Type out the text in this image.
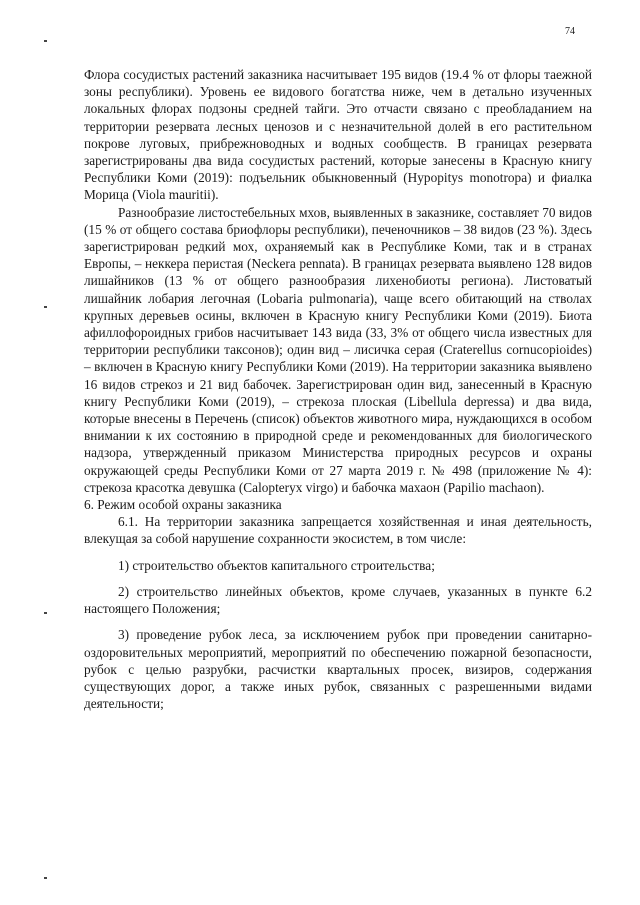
74

Флора сосудистых растений заказника насчитывает 195 видов (19.4 % от флоры таежной зоны республики). Уровень ее видового богатства ниже, чем в детально изученных локальных флорах подзоны средней тайги. Это отчасти связано с преобладанием на территории резервата лесных ценозов и с незначительной долей в его растительном покрове луговых, прибрежноводных и водных сообществ. В границах резервата зарегистрированы два вида сосудистых растений, которые занесены в Красную книгу Республики Коми (2019): подъельник обыкновенный (Hypopitys monotropa) и фиалка Морица (Viola mauritii).

Разнообразие листостебельных мхов, выявленных в заказнике, составляет 70 видов (15 % от общего состава бриофлоры республики), печеночников – 38 видов (23 %). Здесь зарегистрирован редкий мох, охраняемый как в Республике Коми, так и в странах Европы, – неккера перистая (Neckera pennata). В границах резервата выявлено 128 видов лишайников (13 % от общего разнообразия лихенобиоты региона). Листоватый лишайник лобария легочная (Lobaria pulmonaria), чаще всего обитающий на стволах крупных деревьев осины, включен в Красную книгу Республики Коми (2019). Биота афиллофороидных грибов насчитывает 143 вида (33, 3% от общего числа известных для территории республики таксонов); один вид – лисичка серая (Craterellus cornucopioides) – включен в Красную книгу Республики Коми (2019). На территории заказника выявлено 16 видов стрекоз и 21 вид бабочек. Зарегистрирован один вид, занесенный в Красную книгу Республики Коми (2019), – стрекоза плоская (Libellula depressa) и два вида, которые внесены в Перечень (список) объектов животного мира, нуждающихся в особом внимании к их состоянию в природной среде и рекомендованных для биологического надзора, утвержденный приказом Министерства природных ресурсов и охраны окружающей среды Республики Коми от 27 марта 2019 г. № 498 (приложение № 4): стрекоза красотка девушка (Calopteryx virgo) и бабочка махаон (Papilio machaon).

6. Режим особой охраны заказника

6.1. На территории заказника запрещается хозяйственная и иная деятельность, влекущая за собой нарушение сохранности экосистем, в том числе:

1) строительство объектов капитального строительства;

2) строительство линейных объектов, кроме случаев, указанных в пункте 6.2 настоящего Положения;

3) проведение рубок леса, за исключением рубок при проведении санитарно-оздоровительных мероприятий, мероприятий по обеспечению пожарной безопасности, рубок с целью разрубки, расчистки квартальных просек, визиров, содержания существующих дорог, а также иных рубок, связанных с разрешенными видами деятельности;
